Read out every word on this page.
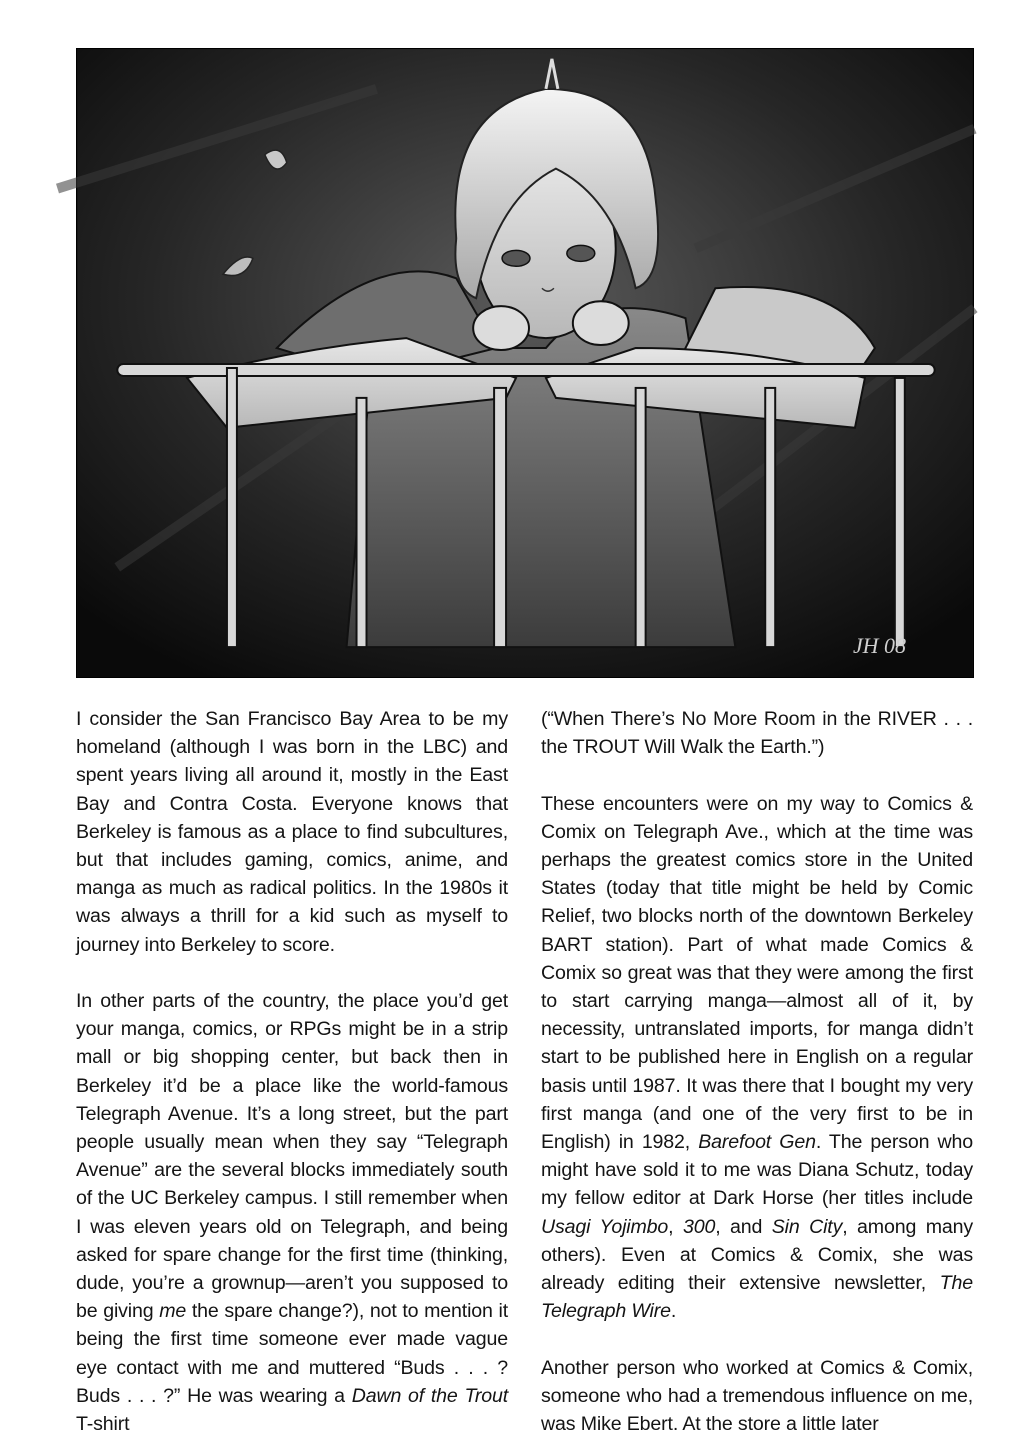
JH 08

I consider the San Francisco Bay Area to be my homeland (although I was born in the LBC) and spent years living all around it, mostly in the East Bay and Contra Costa. Everyone knows that Berkeley is famous as a place to find subcultures, but that includes gaming, comics, anime, and manga as much as radical politics. In the 1980s it was always a thrill for a kid such as myself to journey into Berkeley to score.

In other parts of the country, the place you’d get your manga, comics, or RPGs might be in a strip mall or big shopping center, but back then in Berkeley it’d be a place like the world-famous Telegraph Avenue. It’s a long street, but the part people usually mean when they say “Telegraph Avenue” are the several blocks immediately south of the UC Berkeley campus. I still remember when I was eleven years old on Telegraph, and being asked for spare change for the first time (thinking, dude, you’re a grownup—aren’t you supposed to be giving me the spare change?), not to mention it being the first time someone ever made vague eye contact with me and muttered “Buds . . . ? Buds . . . ?” He was wearing a Dawn of the Trout T-shirt

(“When There’s No More Room in the RIVER . . . the TROUT Will Walk the Earth.”)

These encounters were on my way to Comics & Comix on Telegraph Ave., which at the time was perhaps the greatest comics store in the United States (today that title might be held by Comic Relief, two blocks north of the downtown Berkeley BART station). Part of what made Comics & Comix so great was that they were among the first to start carrying manga—almost all of it, by necessity, untranslated imports, for manga didn’t start to be published here in English on a regular basis until 1987. It was there that I bought my very first manga (and one of the very first to be in English) in 1982, Barefoot Gen. The person who might have sold it to me was Diana Schutz, today my fellow editor at Dark Horse (her titles include Usagi Yojimbo, 300, and Sin City, among many others). Even at Comics & Comix, she was already editing their extensive newsletter, The Telegraph Wire.

Another person who worked at Comics & Comix, someone who had a tremendous influence on me, was Mike Ebert. At the store a little later
